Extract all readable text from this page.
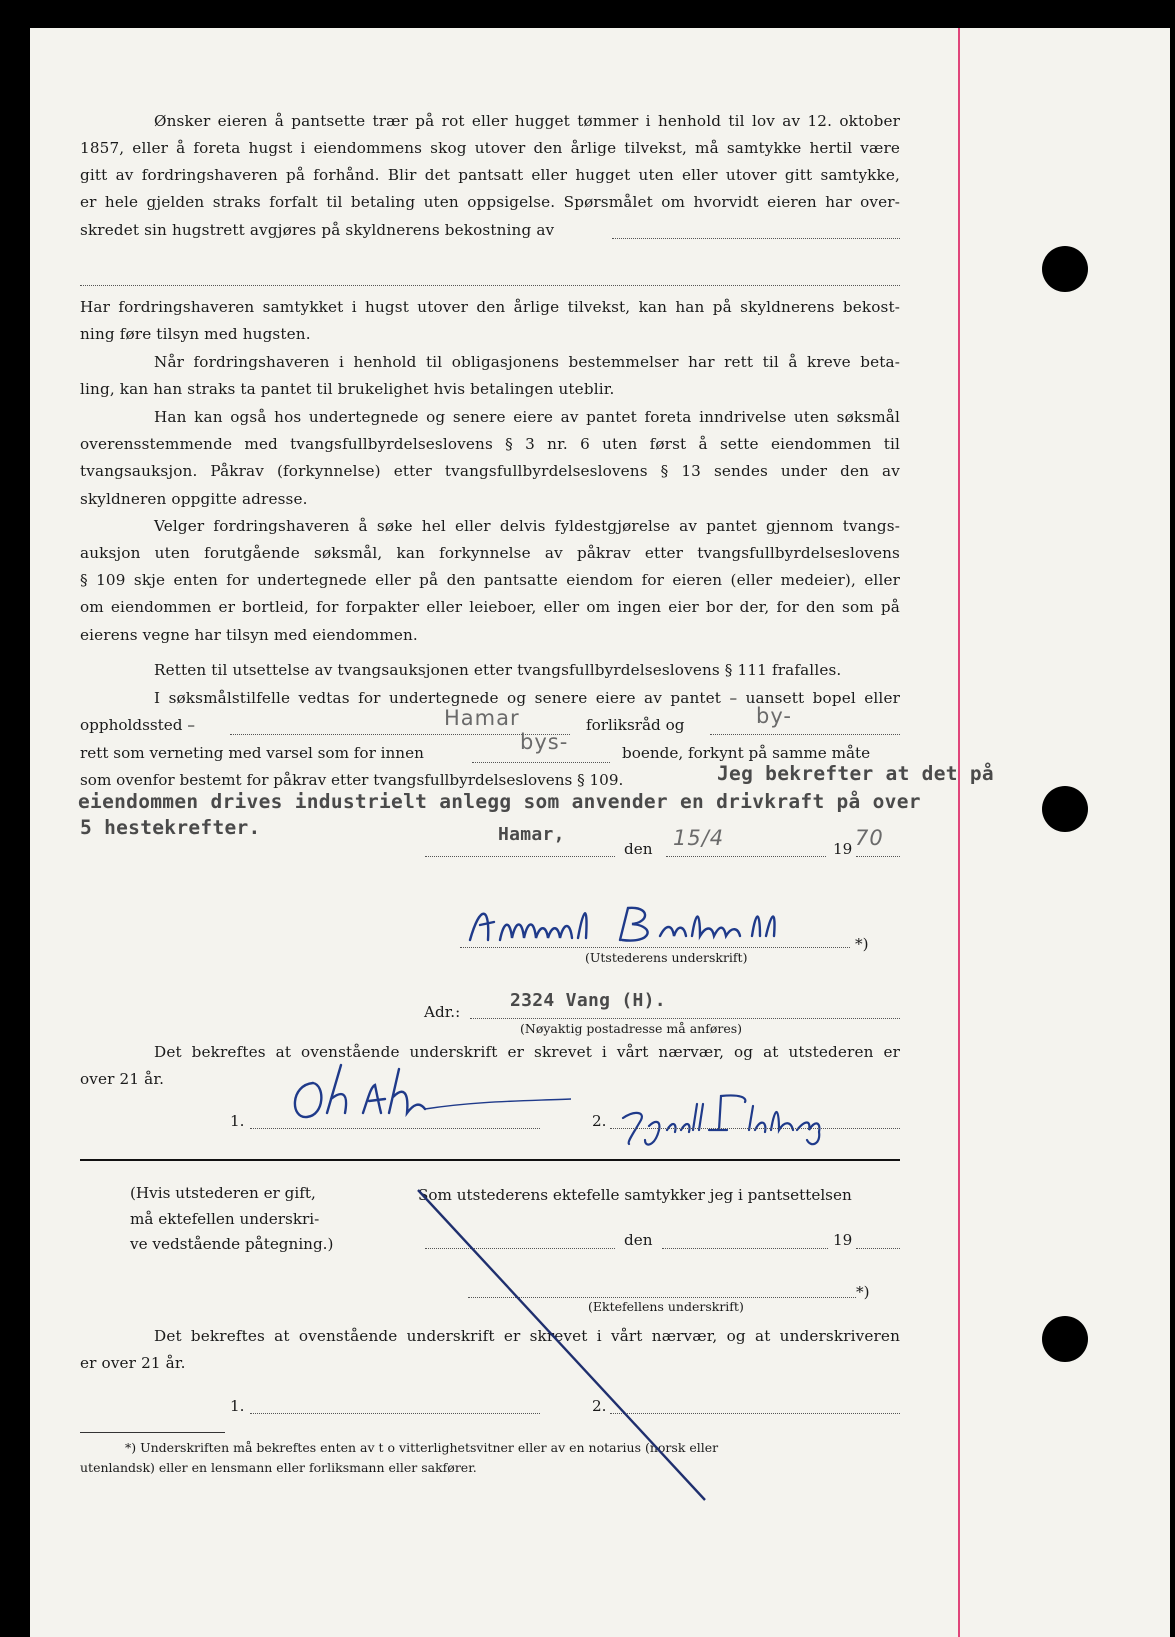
Ønsker eieren å pantsette trær på rot eller hugget tømmer i henhold til lov av 12. oktober
1857, eller å foreta hugst i eiendommens skog utover den årlige tilvekst, må samtykke hertil være
gitt av fordringshaveren på forhånd. Blir det pantsatt eller hugget uten eller utover gitt samtykke,
er hele gjelden straks forfalt til betaling uten oppsigelse. Spørsmålet om hvorvidt eieren har over-
skredet sin hugstrett avgjøres på skyldnerens bekostning av
Har fordringshaveren samtykket i hugst utover den årlige tilvekst, kan han på skyldnerens bekost-
ning føre tilsyn med hugsten.
Når fordringshaveren i henhold til obligasjonens bestemmelser har rett til å kreve beta-
ling, kan han straks ta pantet til brukelighet hvis betalingen uteblir.
Han kan også hos undertegnede og senere eiere av pantet foreta inndrivelse uten søksmål
overensstemmende med tvangsfullbyrdelseslovens § 3 nr. 6 uten først å sette eiendommen til
tvangsauksjon. Påkrav (forkynnelse) etter tvangsfullbyrdelseslovens § 13 sendes under den av
skyldneren oppgitte adresse.
Velger fordringshaveren å søke hel eller delvis fyldestgjørelse av pantet gjennom tvangs-
auksjon uten forutgående søksmål, kan forkynnelse av påkrav etter tvangsfullbyrdelseslovens
§ 109 skje enten for undertegnede eller på den pantsatte eiendom for eieren (eller medeier), eller
om eiendommen er bortleid, for forpakter eller leieboer, eller om ingen eier bor der, for den som på
eierens vegne har tilsyn med eiendommen.
Retten til utsettelse av tvangsauksjonen etter tvangsfullbyrdelseslovens § 111 frafalles.
I søksmålstilfelle vedtas for undertegnede og senere eiere av pantet – uansett bopel eller
oppholdssted –	Hamar	forliksråd og	by-
rett som verneting med varsel som for innen	bys-	boende, forkynt på samme måte
som ovenfor bestemt for påkrav etter tvangsfullbyrdelseslovens § 109.	Jeg bekrefter at det på
eiendommen drives industrielt anlegg som anvender en drivkraft på over
5 hestekrefter.	Hamar,
den 15/4	19 70
*)
(Utstederens underskrift)
Adr.:
2324 Vang (H).
(Nøyaktig postadresse må anføres)
Det bekreftes at ovenstående underskrift er skrevet i vårt nærvær, og at utstederen er
over 21 år.
1.	2.
(Hvis utstederen er gift,
må ektefellen underskri-
ve vedstående påtegning.)
Som utstederens ektefelle samtykker jeg i pantsettelsen
den	19
*)
(Ektefellens underskrift)
Det bekreftes at ovenstående underskrift er skrevet i vårt nærvær, og at underskriveren
er over 21 år.
1.	2.
*) Underskriften må bekreftes enten av t o vitterlighetsvitner eller av en notarius (norsk eller
utenlandsk) eller en lensmann eller forliksmann eller sakfører.
